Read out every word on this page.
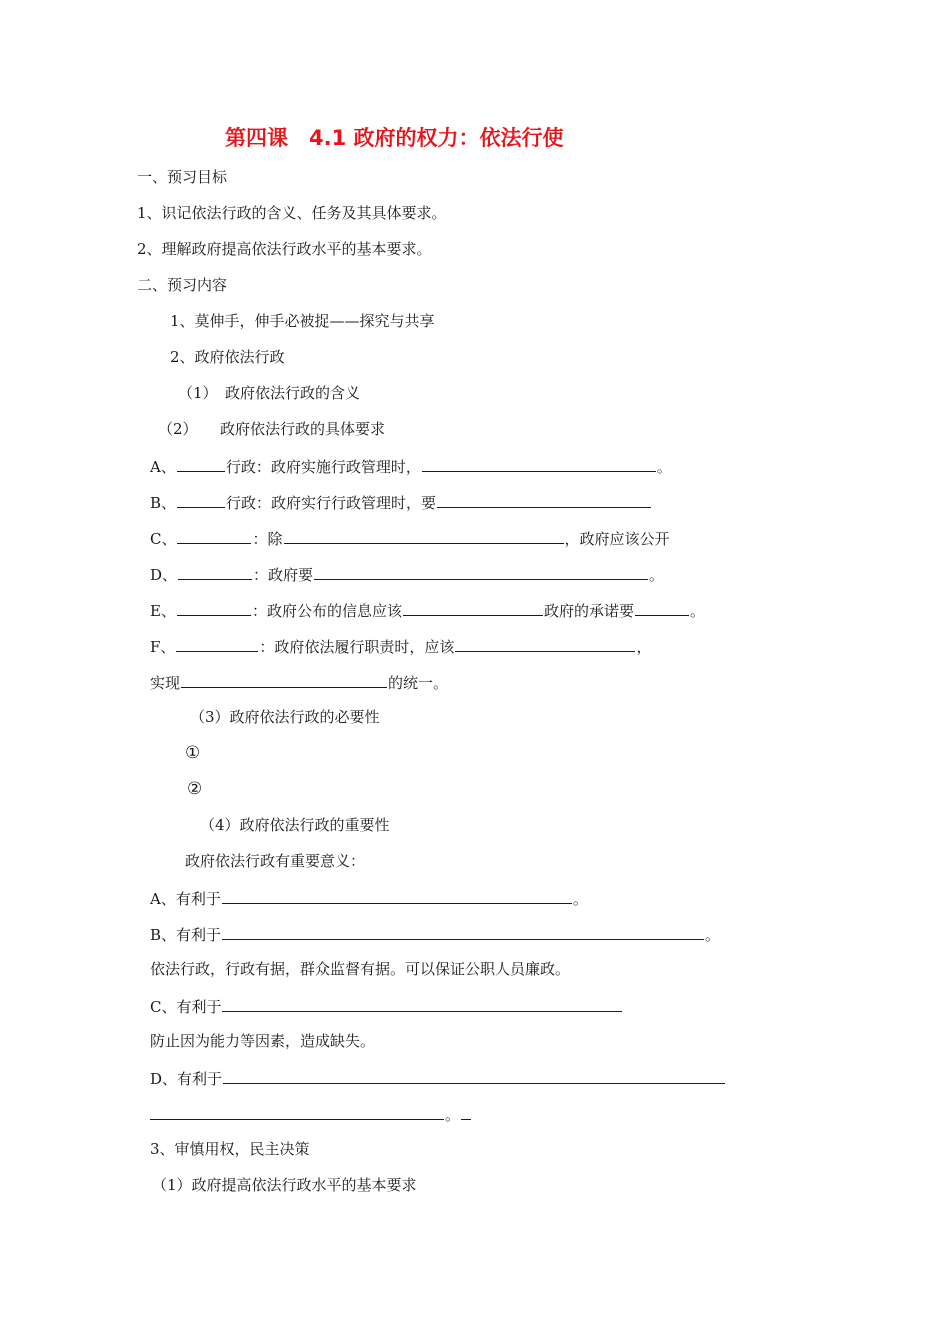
第四课　4.1 政府的权力：依法行使
一、预习目标
1、识记依法行政的含义、任务及其具体要求。
2、理解政府提高依法行政水平的基本要求。
二、预习内容
1、莫伸手，伸手必被捉——探究与共享
2、政府依法行政
（1）　政府依法行政的含义
（2）　　政府依法行政的具体要求
A、	行政：政府实施行政管理时，	。
B、	行政：政府实行行政管理时，要
C、	：除	，政府应该公开
D、	：政府要	。
E、	：政府公布的信息应该	政府的承诺要	。
F、	：政府依法履行职责时，应该	，
实现	的统一。
（3）政府依法行政的必要性
①
②
（4）政府依法行政的重要性
政府依法行政有重要意义：
A、有利于	。
B、有利于	。
依法行政，行政有据，群众监督有据。可以保证公职人员廉政。
C、有利于
防止因为能力等因素，造成缺失。
D、有利于
。
3、审慎用权，民主决策
（1）政府提高依法行政水平的基本要求
